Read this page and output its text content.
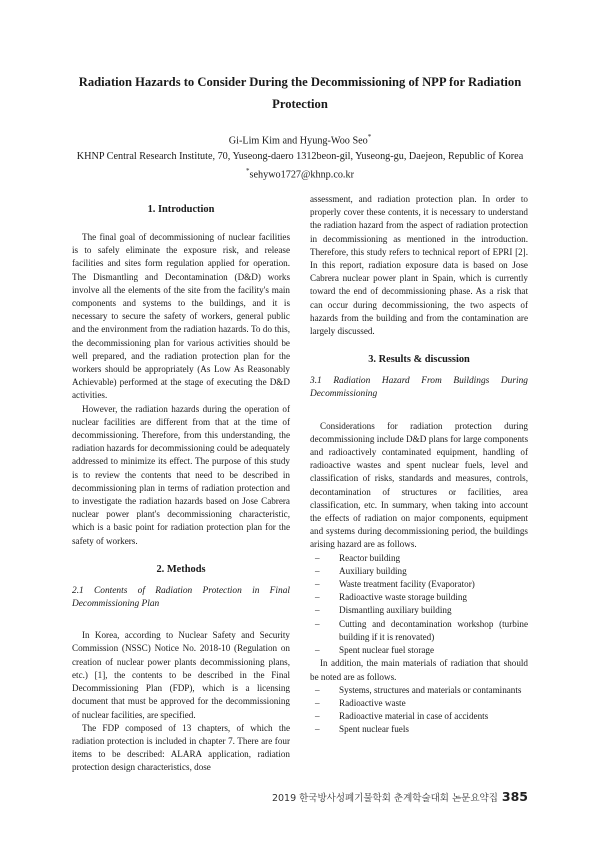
Radiation Hazards to Consider During the Decommissioning of NPP for Radiation Protection
Gi-Lim Kim and Hyung-Woo Seo*
KHNP Central Research Institute, 70, Yuseong-daero 1312beon-gil, Yuseong-gu, Daejeon, Republic of Korea
*sehywo1727@khnp.co.kr
1. Introduction

The final goal of decommissioning of nuclear facilities is to safely eliminate the exposure risk, and release facilities and sites form regulation applied for operation. The Dismantling and Decontamination (D&D) works involve all the elements of the site from the facility's main components and systems to the buildings, and it is necessary to secure the safety of workers, general public and the environment from the radiation hazards. To do this, the decommissioning plan for various activities should be well prepared, and the radiation protection plan for the workers should be appropriately (As Low As Reasonably Achievable) performed at the stage of executing the D&D activities.

However, the radiation hazards during the operation of nuclear facilities are different from that at the time of decommissioning. Therefore, from this understanding, the radiation hazards for decommissioning could be adequately addressed to minimize its effect. The purpose of this study is to review the contents that need to be described in decommissioning plan in terms of radiation protection and to investigate the radiation hazards based on Jose Cabrera nuclear power plant's decommissioning characteristic, which is a basic point for radiation protection plan for the safety of workers.

2. Methods
2.1 Contents of Radiation Protection in Final Decommissioning Plan

In Korea, according to Nuclear Safety and Security Commission (NSSC) Notice No. 2018-10 (Regulation on creation of nuclear power plants decommissioning plans, etc.) [1], the contents to be described in the Final Decommissioning Plan (FDP), which is a licensing document that must be approved for the decommissioning of nuclear facilities, are specified.

The FDP composed of 13 chapters, of which the radiation protection is included in chapter 7. There are four items to be described: ALARA application, radiation protection design characteristics, dose

assessment, and radiation protection plan. In order to properly cover these contents, it is necessary to understand the radiation hazard from the aspect of radiation protection in decommissioning as mentioned in the introduction. Therefore, this study refers to technical report of EPRI [2]. In this report, radiation exposure data is based on Jose Cabrera nuclear power plant in Spain, which is currently toward the end of decommissioning phase. As a risk that can occur during decommissioning, the two aspects of hazards from the building and from the contamination are largely discussed.

3. Results & discussion
3.1 Radiation Hazard From Buildings During Decommissioning

Considerations for radiation protection during decommissioning include D&D plans for large components and radioactively contaminated equipment, handling of radioactive wastes and spent nuclear fuels, level and classification of risks, standards and measures, controls, decontamination of structures or facilities, area classification, etc. In summary, when taking into account the effects of radiation on major components, equipment and systems during decommissioning period, the buildings arising hazard are as follows.

– Reactor building
– Auxiliary building
– Waste treatment facility (Evaporator)
– Radioactive waste storage building
– Dismantling auxiliary building
– Cutting and decontamination workshop (turbine building if it is renovated)
– Spent nuclear fuel storage

In addition, the main materials of radiation that should be noted are as follows.

– Systems, structures and materials or contaminants
– Radioactive waste
– Radioactive material in case of accidents
– Spent nuclear fuels
2019 한국방사성폐기물학회 춘계학술대회 논문요약집 385
